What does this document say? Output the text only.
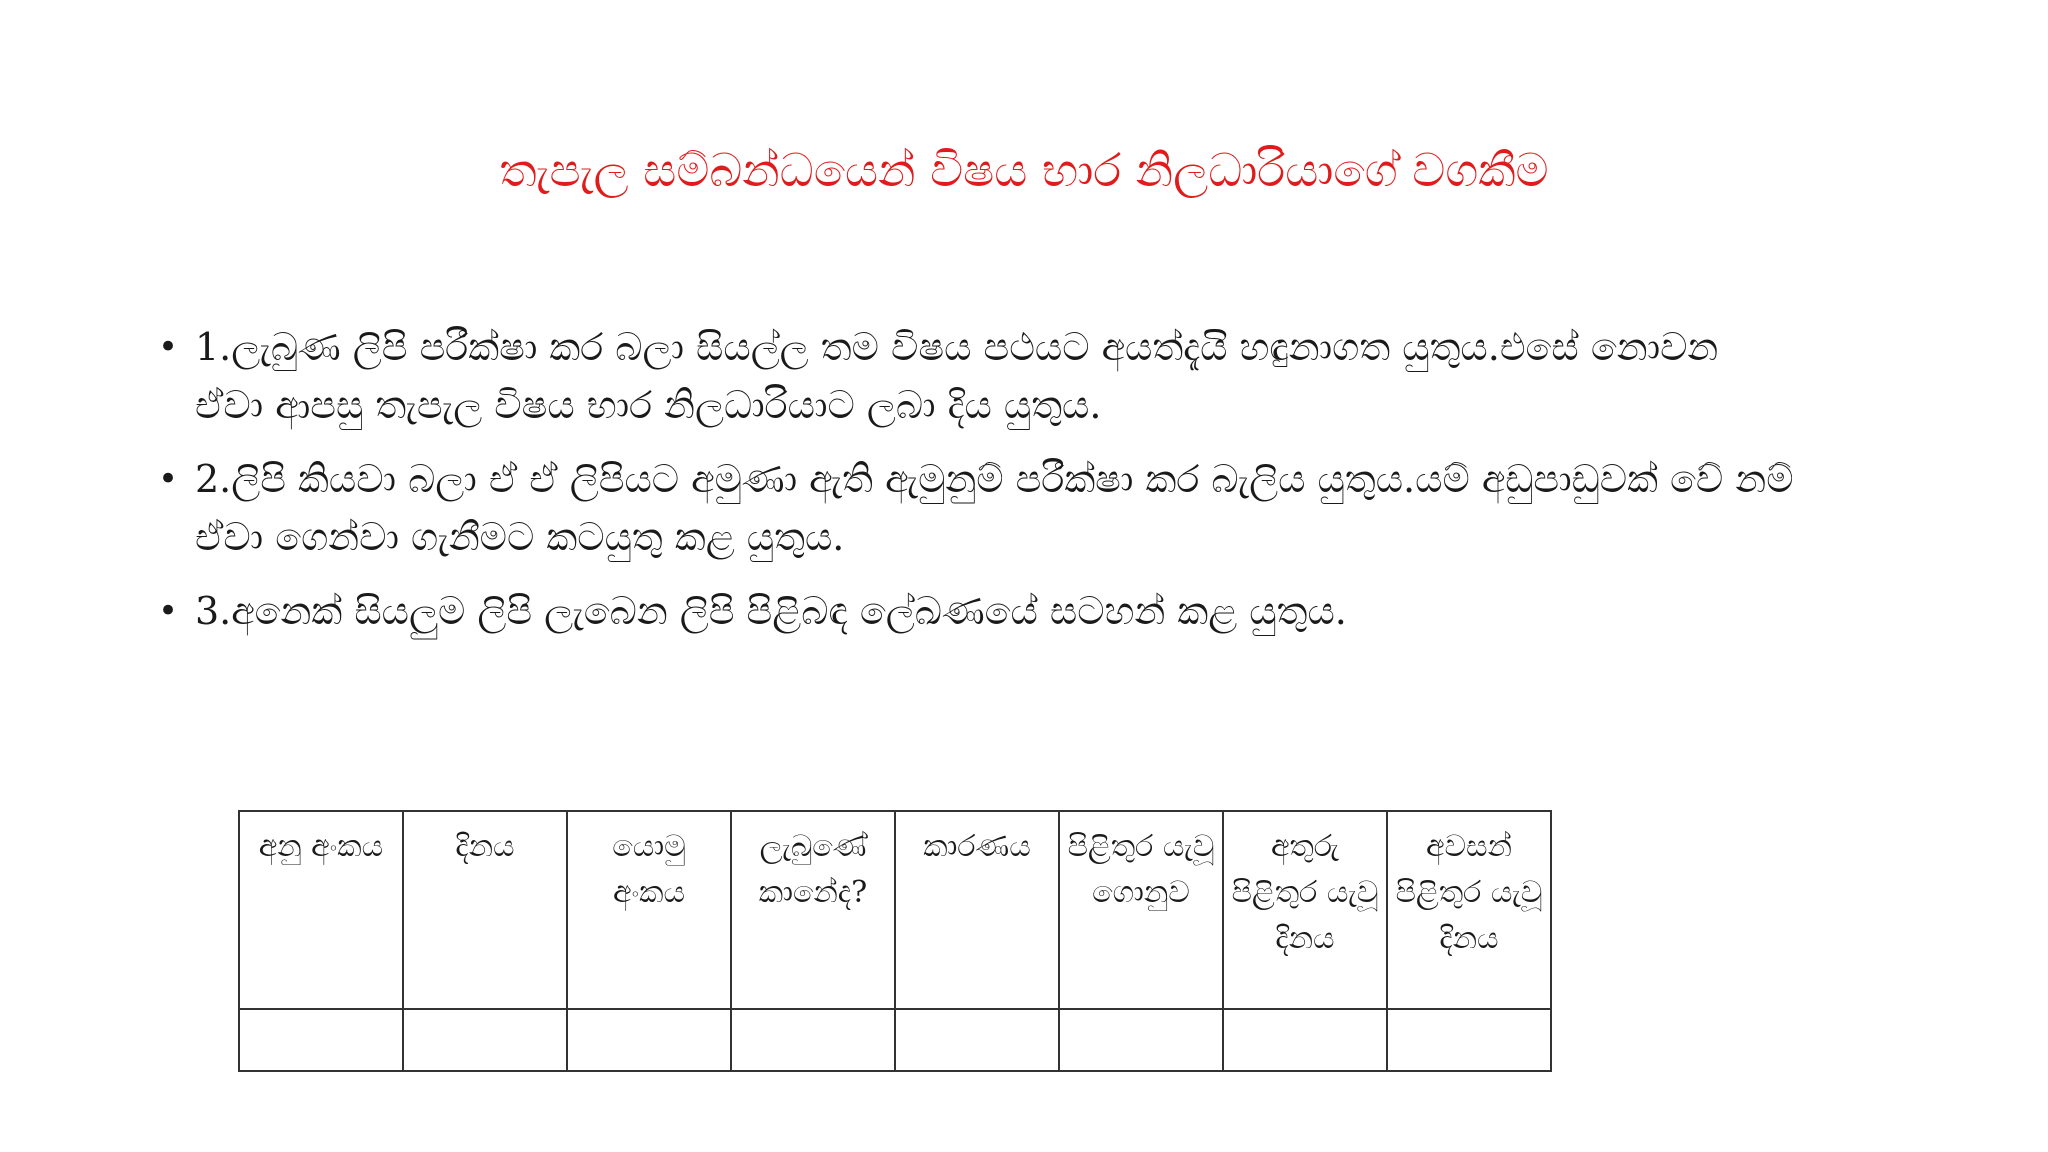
තැපැල සම්බන්ධයෙන් විෂය භාර නිලධාරියාගේ වගකීම
• 1.ලැබුණ ලිපි පරීක්ෂා කර බලා සියල්ල තම විෂය පථයට අයත්දැයි හඳුනාගත යුතුය.එසේ නොවන ඒවා ආපසු තැපැල විෂය භාර නිලධාරියාට ලබා දිය යුතුය.
• 2.ලිපි කියවා බලා ඒ ඒ ලිපියට අමුණා ඇති ඇමුනුම් පරීක්ෂා කර බැලිය යුතුය.යම් අඩුපාඩුවක් වේ නම් ඒවා ගෙන්වා ගැනීමට කටයුතු කළ යුතුය.
• 3.අනෙක් සියලුම ලිපි ලැබෙන ලිපි පිළිබඳ ලේඛණයේ සටහන් කළ යුතුය.
අනු අංකය	දිනය	යොමු අංකය	ලැබුණේ කානේද?	කාරණය	පිළිතුර යැවූ ගොනුව	අතුරු පිළිතුර යැවූ දිනය	අවසන් පිළිතුර යැවූ දිනය
